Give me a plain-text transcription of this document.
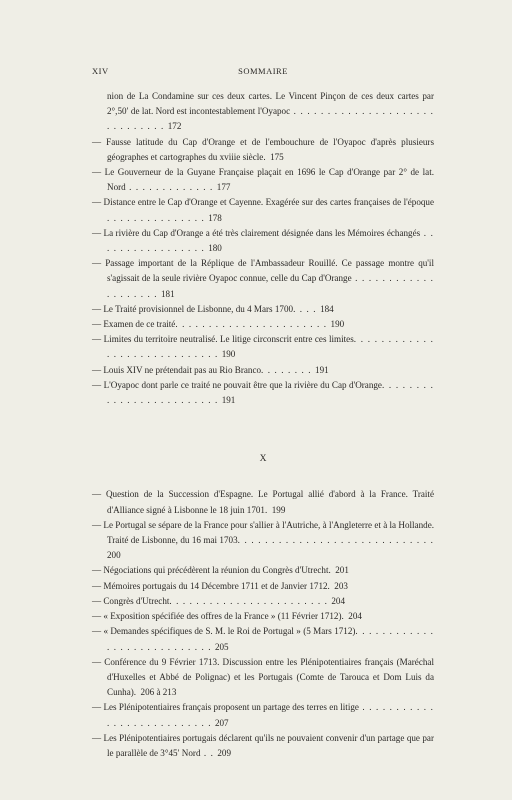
XIV	SOMMAIRE

nion de La Condamine sur ces deux cartes. Le Vincent Pinçon de ces deux cartes par 2°,50′ de lat. Nord est incontestablement l'Oyapoc . . . . . . . . . . . . . . . . . . . . . . . . . . . . . . 172

— Fausse latitude du Cap d'Orange et de l'embouchure de l'Oyapoc d'après plusieurs géographes et cartographes du xviiie siècle. 175

— Le Gouverneur de la Guyane Française plaçait en 1696 le Cap d'Orange par 2° de lat. Nord . . . . . . . . . . . . . 177

— Distance entre le Cap d'Orange et Cayenne. Exagérée sur des cartes françaises de l'époque . . . . . . . . . . . . . . . 178

— La rivière du Cap d'Orange a été très clairement désignée dans les Mémoires échangés . . . . . . . . . . . . . . . . . 180

— Passage important de la Réplique de l'Ambassadeur Rouillé. Ce passage montre qu'il s'agissait de la seule rivière Oyapoc connue, celle du Cap d'Orange . . . . . . . . . . . . . . . . . . . . 181

— Le Traité provisionnel de Lisbonne, du 4 Mars 1700. . . . 184

— Examen de ce traité. . . . . . . . . . . . . . . . . . . . . . . 190

— Limites du territoire neutralisé. Le litige circonscrit entre ces limites. . . . . . . . . . . . . . . . . . . . . . . . . . . . . 190

— Louis XIV ne prétendait pas au Rio Branco. . . . . . . . 191

— L'Oyapoc dont parle ce traité ne pouvait être que la rivière du Cap d'Orange. . . . . . . . . . . . . . . . . . . . . . . . . 191

X

— Question de la Succession d'Espagne. Le Portugal allié d'abord à la France. Traité d'Alliance signé à Lisbonne le 18 juin 1701. 199

— Le Portugal se sépare de la France pour s'allier à l'Autriche, à l'Angleterre et à la Hollande. Traité de Lisbonne, du 16 mai 1703. . . . . . . . . . . . . . . . . . . . . . . . . . . . . 200

— Négociations qui précédèrent la réunion du Congrès d'Utrecht. 201

— Mémoires portugais du 14 Décembre 1711 et de Janvier 1712. 203

— Congrès d'Utrecht. . . . . . . . . . . . . . . . . . . . . . . . 204

— « Exposition spécifiée des offres de la France » (11 Février 1712). 204

— « Demandes spécifiques de S. M. le Roi de Portugal » (5 Mars 1712). . . . . . . . . . . . . . . . . . . . . . . . . . . . 205

— Conférence du 9 Février 1713. Discussion entre les Plénipotentiaires français (Maréchal d'Huxelles et Abbé de Polignac) et les Portugais (Comte de Tarouca et Dom Luis da Cunha). 206 à 213

— Les Plénipotentiaires français proposent un partage des terres en litige . . . . . . . . . . . . . . . . . . . . . . . . . . . 207

— Les Plénipotentiaires portugais déclarent qu'ils ne pouvaient convenir d'un partage que par le parallèle de 3°45′ Nord . . 209
